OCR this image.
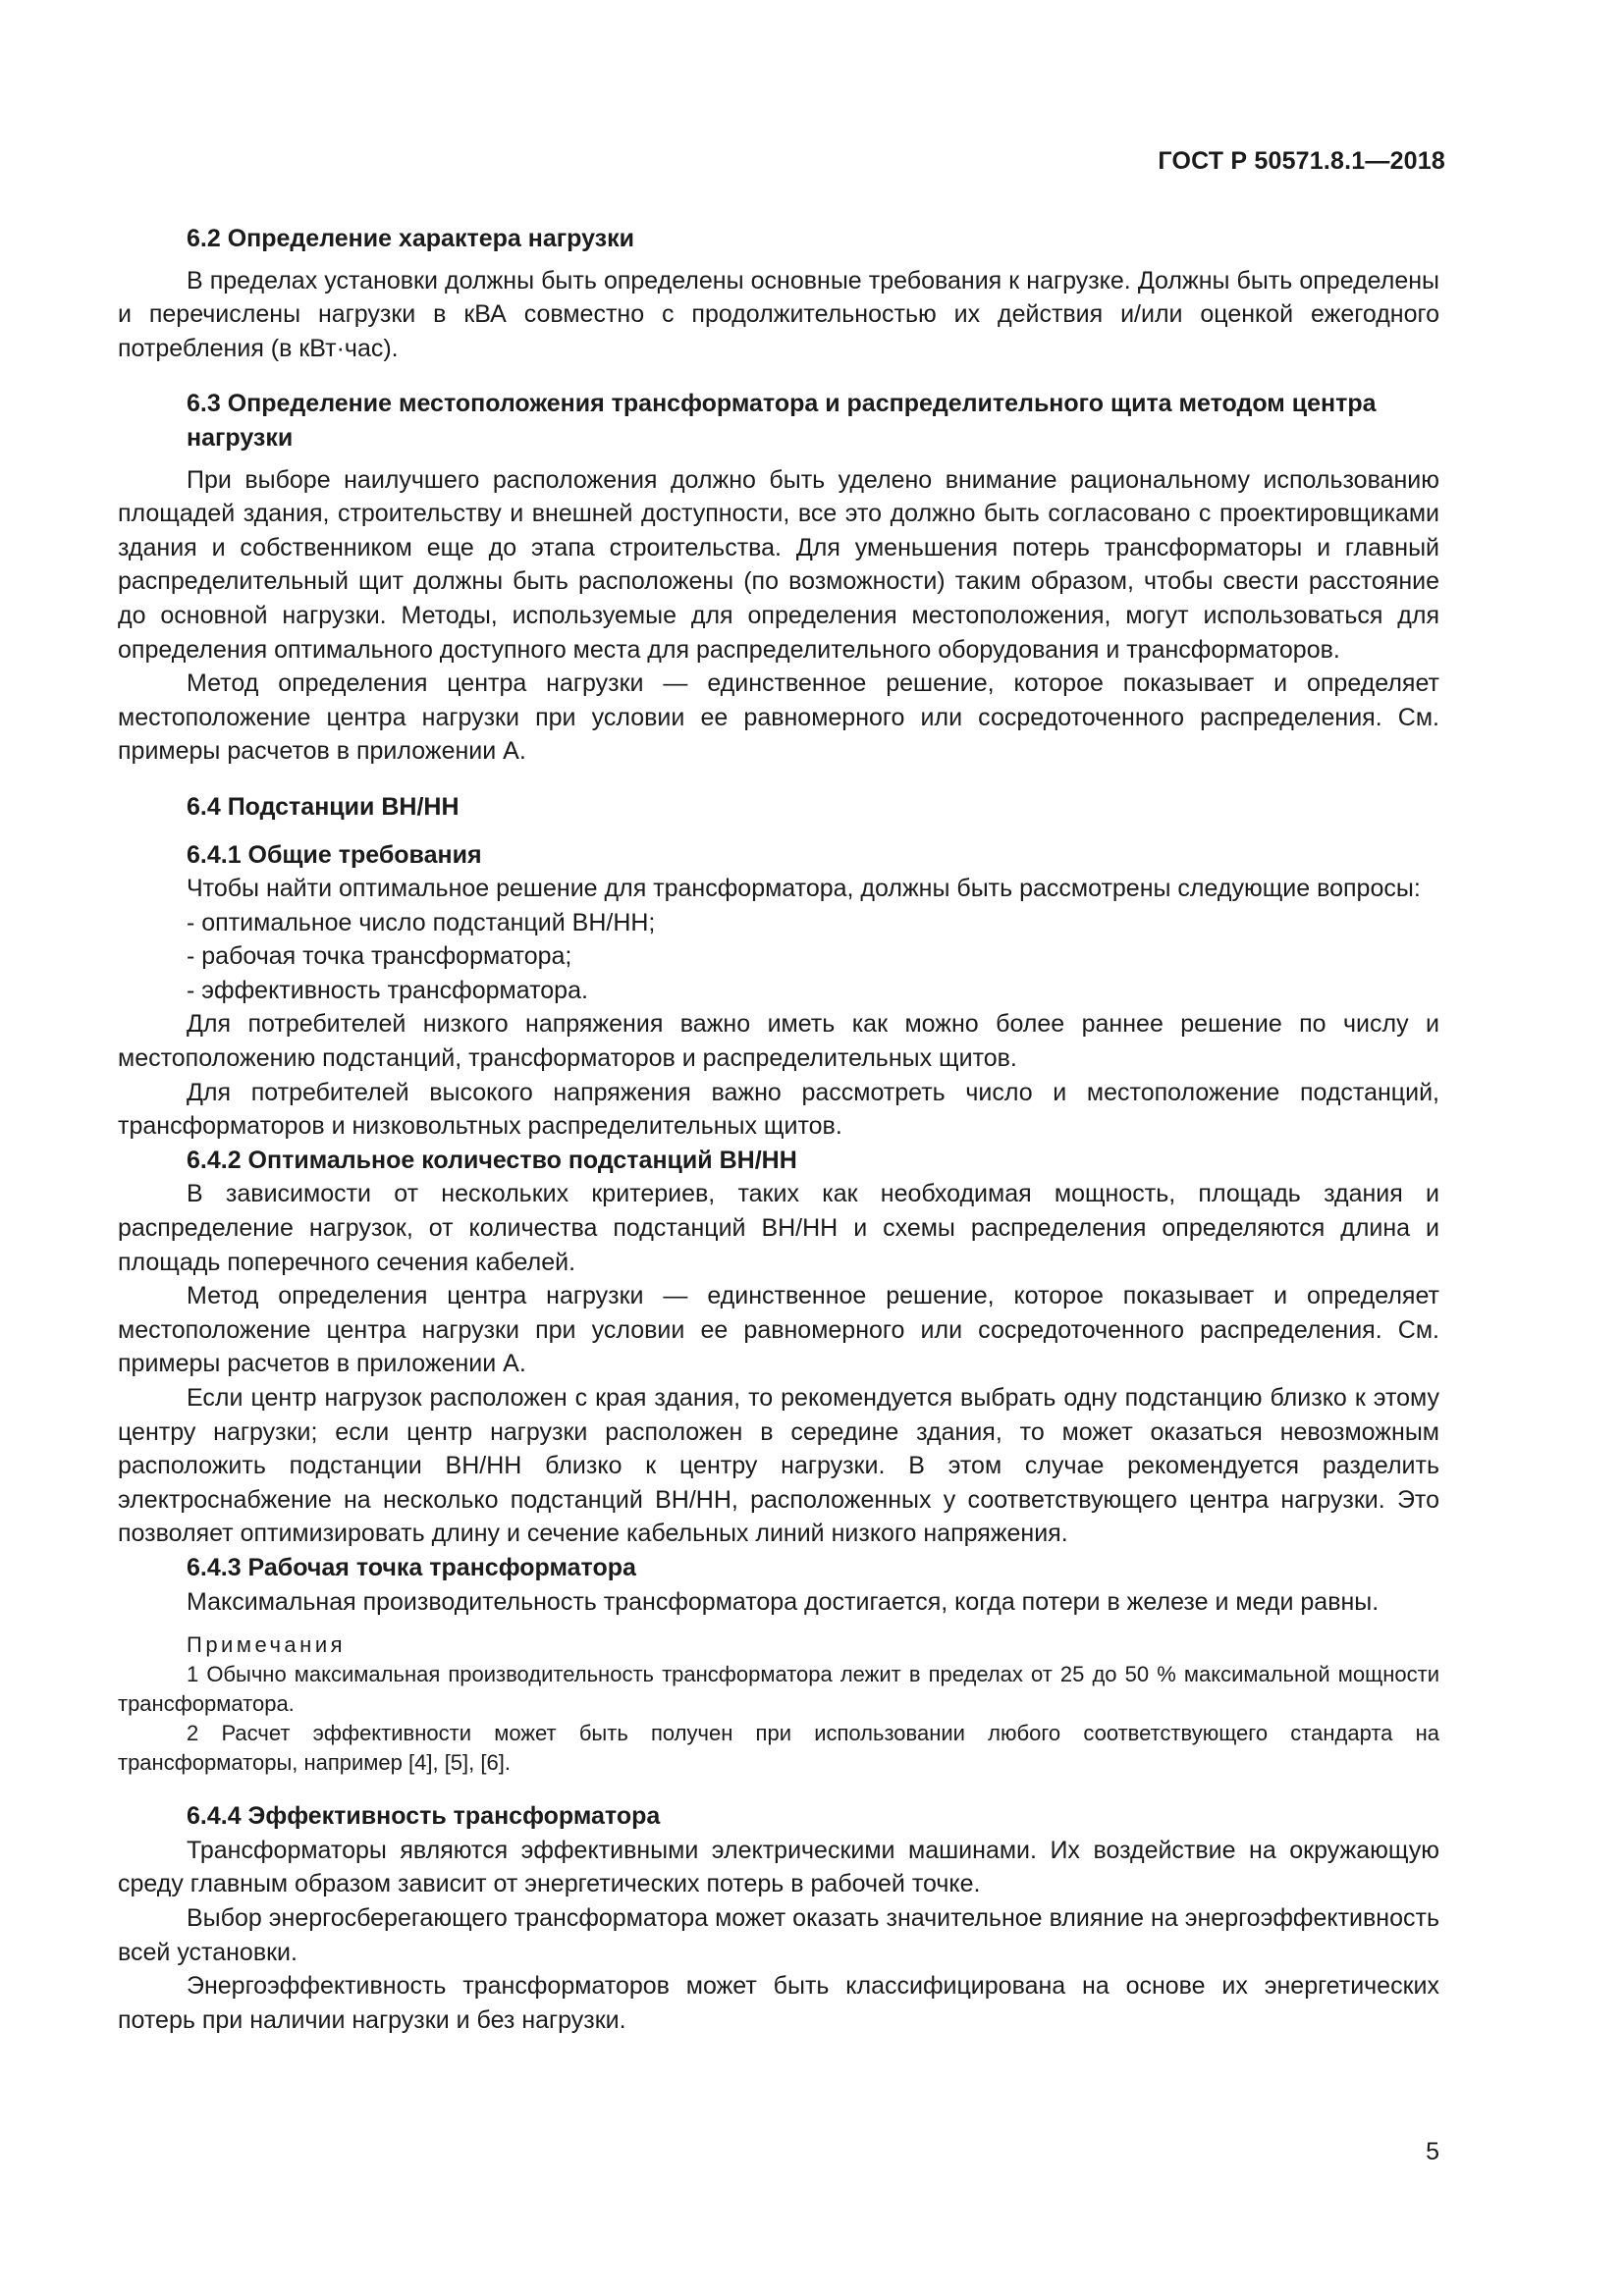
ГОСТ Р 50571.8.1—2018
6.2 Определение характера нагрузки

В пределах установки должны быть определены основные требования к нагрузке. Должны быть определены и перечислены нагрузки в кВА совместно с продолжительностью их действия и/или оценкой ежегодного потребления (в кВт·час).

6.3 Определение местоположения трансформатора и распределительного щита методом центра нагрузки

При выборе наилучшего расположения должно быть уделено внимание рациональному использованию площадей здания, строительству и внешней доступности, все это должно быть согласовано с проектировщиками здания и собственником еще до этапа строительства. Для уменьшения потерь трансформаторы и главный распределительный щит должны быть расположены (по возможности) таким образом, чтобы свести расстояние до основной нагрузки. Методы, используемые для определения местоположения, могут использоваться для определения оптимального доступного места для распределительного оборудования и трансформаторов.

Метод определения центра нагрузки — единственное решение, которое показывает и определяет местоположение центра нагрузки при условии ее равномерного или сосредоточенного распределения. См. примеры расчетов в приложении А.

6.4 Подстанции ВН/НН
6.4.1 Общие требования

Чтобы найти оптимальное решение для трансформатора, должны быть рассмотрены следующие вопросы:

- оптимальное число подстанций ВН/НН;
- рабочая точка трансформатора;
- эффективность трансформатора.

Для потребителей низкого напряжения важно иметь как можно более раннее решение по числу и местоположению подстанций, трансформаторов и распределительных щитов.

Для потребителей высокого напряжения важно рассмотреть число и местоположение подстанций, трансформаторов и низковольтных распределительных щитов.

6.4.2 Оптимальное количество подстанций ВН/НН

В зависимости от нескольких критериев, таких как необходимая мощность, площадь здания и распределение нагрузок, от количества подстанций ВН/НН и схемы распределения определяются длина и площадь поперечного сечения кабелей.

Метод определения центра нагрузки — единственное решение, которое показывает и определяет местоположение центра нагрузки при условии ее равномерного или сосредоточенного распределения. См. примеры расчетов в приложении А.

Если центр нагрузок расположен с края здания, то рекомендуется выбрать одну подстанцию близко к этому центру нагрузки; если центр нагрузки расположен в середине здания, то может оказаться невозможным расположить подстанции ВН/НН близко к центру нагрузки. В этом случае рекомендуется разделить электроснабжение на несколько подстанций ВН/НН, расположенных у соответствующего центра нагрузки. Это позволяет оптимизировать длину и сечение кабельных линий низкого напряжения.

6.4.3 Рабочая точка трансформатора

Максимальная производительность трансформатора достигается, когда потери в железе и меди равны.

Примечания

1 Обычно максимальная производительность трансформатора лежит в пределах от 25 до 50 % максимальной мощности трансформатора.

2 Расчет эффективности может быть получен при использовании любого соответствующего стандарта на трансформаторы, например [4], [5], [6].

6.4.4 Эффективность трансформатора

Трансформаторы являются эффективными электрическими машинами. Их воздействие на окружающую среду главным образом зависит от энергетических потерь в рабочей точке.

Выбор энергосберегающего трансформатора может оказать значительное влияние на энергоэффективность всей установки.

Энергоэффективность трансформаторов может быть классифицирована на основе их энергетических потерь при наличии нагрузки и без нагрузки.

5
